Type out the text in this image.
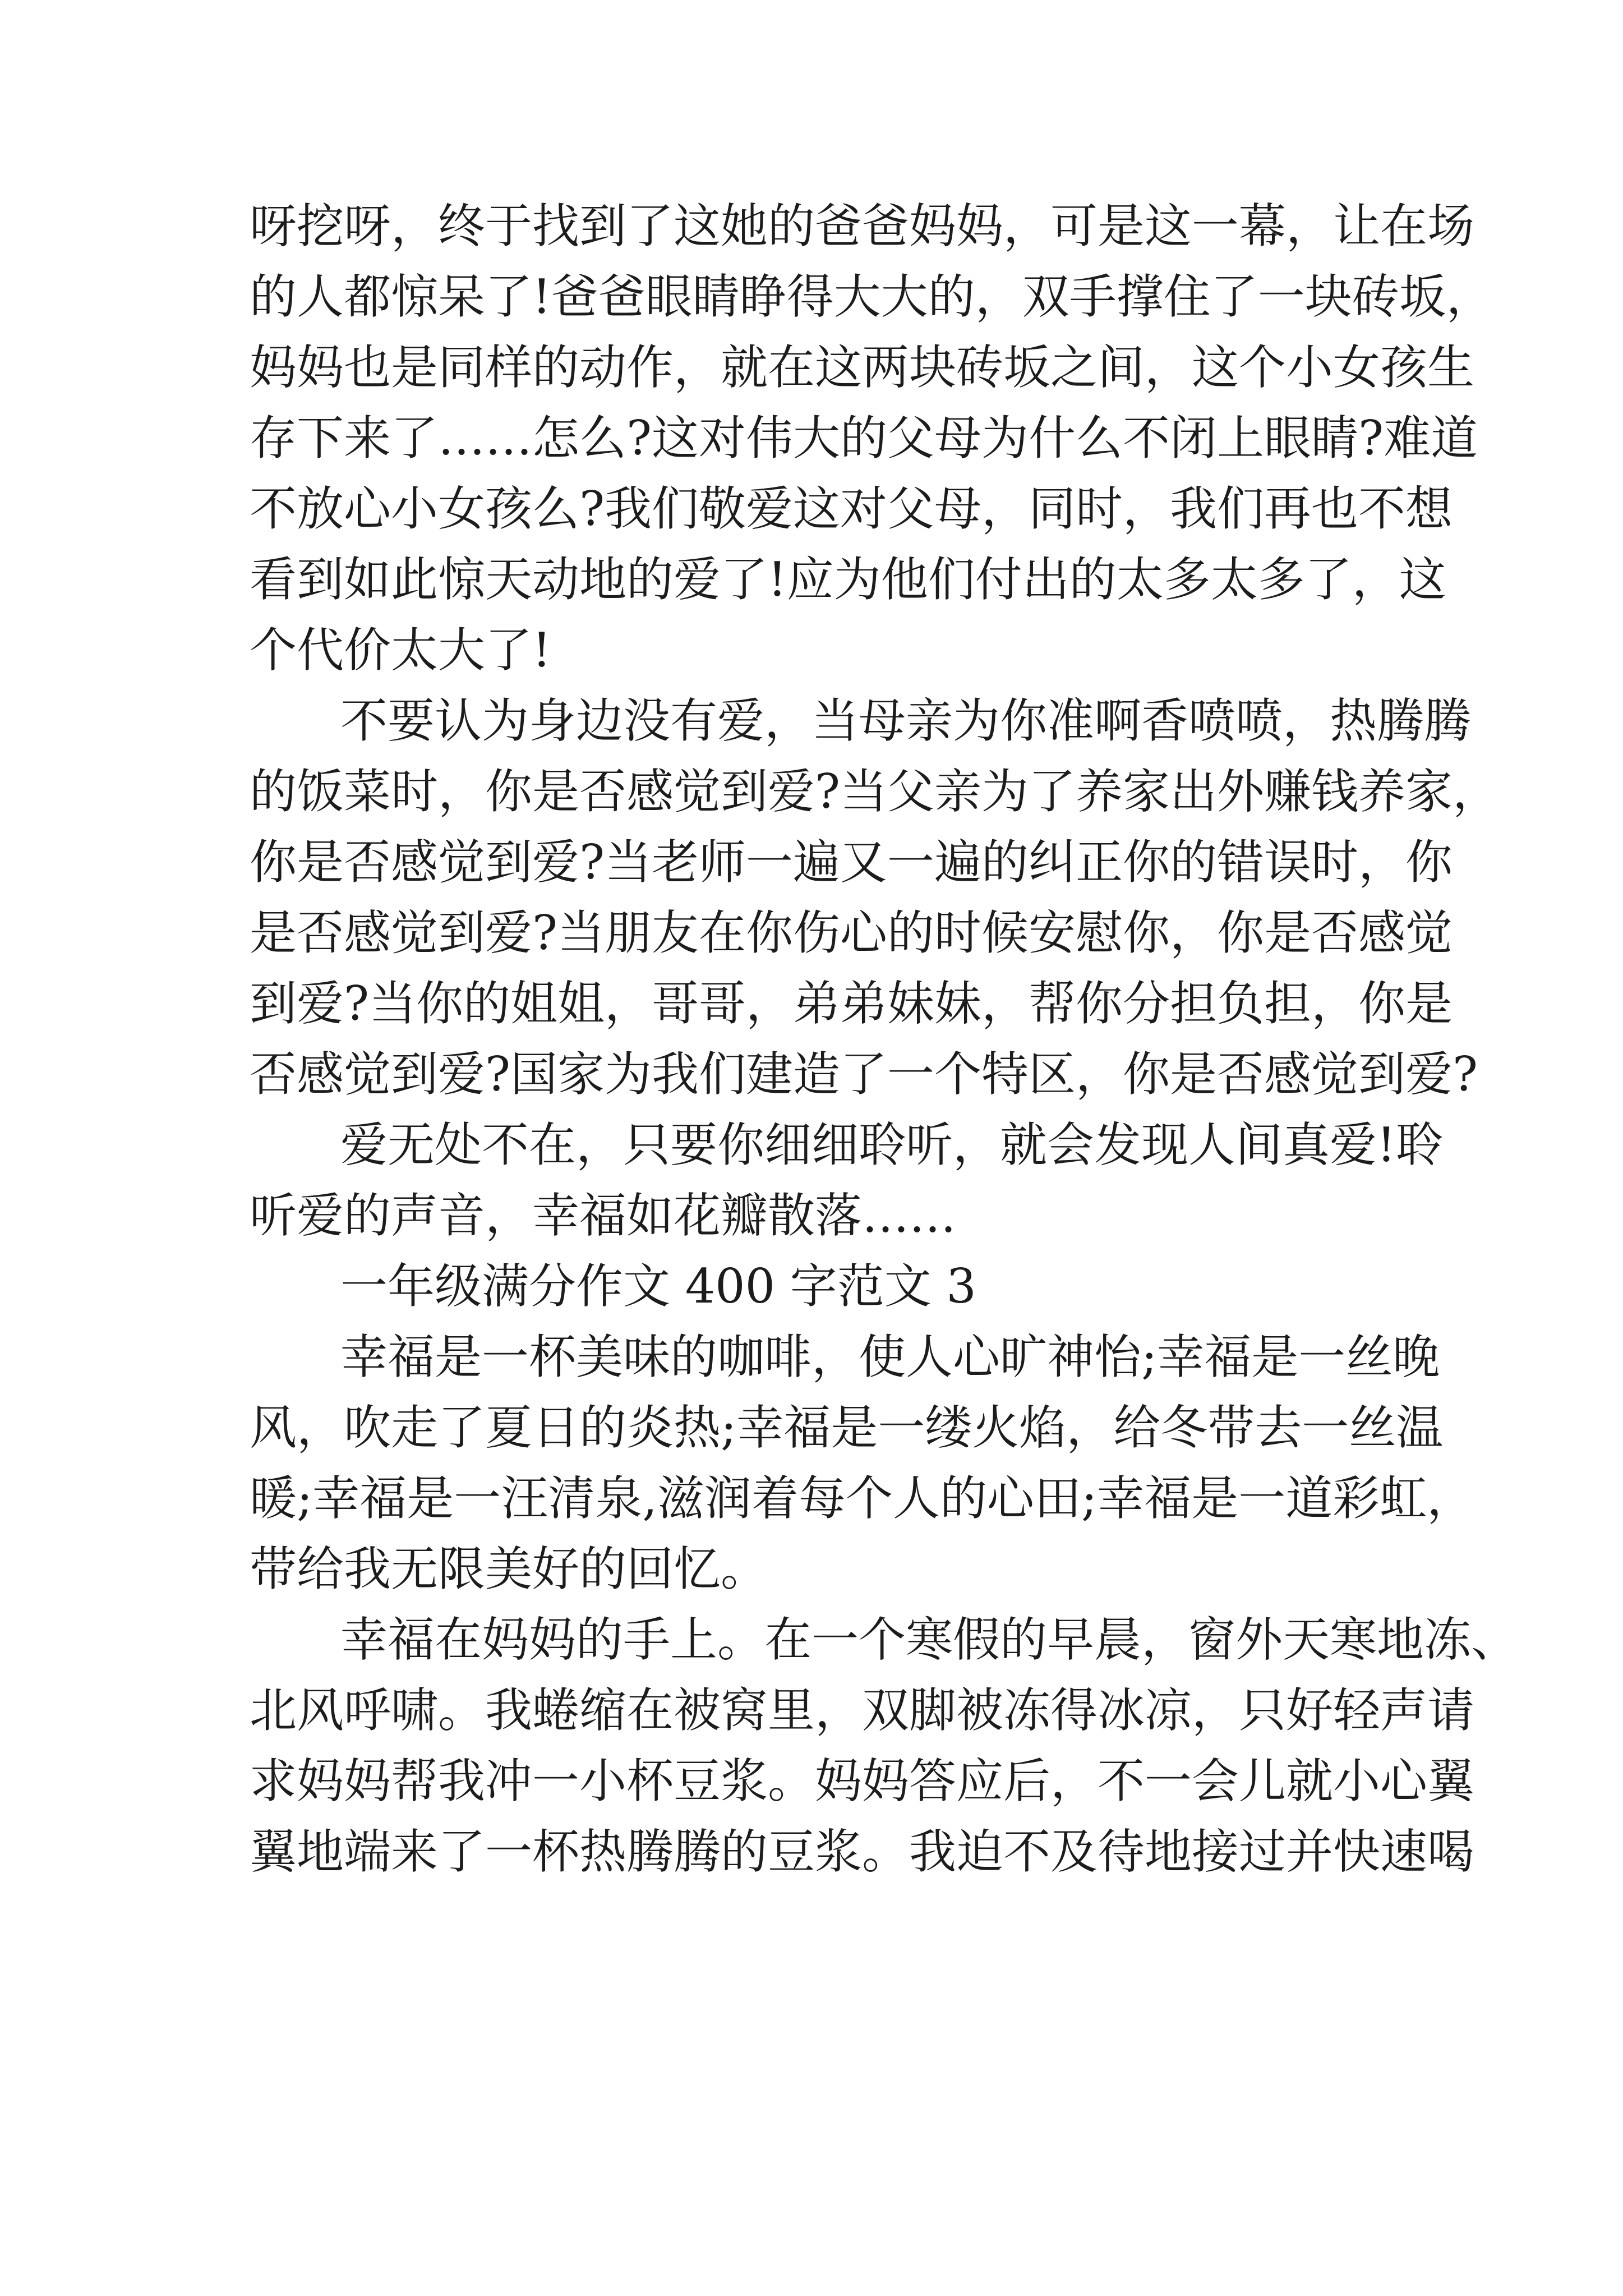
呀挖呀，终于找到了这她的爸爸妈妈，可是这一幕，让在场
的人都惊呆了!爸爸眼睛睁得大大的，双手撑住了一块砖坂，
妈妈也是同样的动作，就在这两块砖坂之间，这个小女孩生
存下来了……怎么?这对伟大的父母为什么不闭上眼睛?难道
不放心小女孩么?我们敬爱这对父母，同时，我们再也不想
看到如此惊天动地的爱了!应为他们付出的太多太多了，这
个代价太大了!
不要认为身边没有爱，当母亲为你准啊香喷喷，热腾腾
的饭菜时，你是否感觉到爱?当父亲为了养家出外赚钱养家，
你是否感觉到爱?当老师一遍又一遍的纠正你的错误时，你
是否感觉到爱?当朋友在你伤心的时候安慰你，你是否感觉
到爱?当你的姐姐，哥哥，弟弟妹妹，帮你分担负担，你是
否感觉到爱?国家为我们建造了一个特区，你是否感觉到爱?
爱无处不在，只要你细细聆听，就会发现人间真爱!聆
听爱的声音，幸福如花瓣散落……
一年级满分作文 400 字范文 3
幸福是一杯美味的咖啡，使人心旷神怡;幸福是一丝晚
风，吹走了夏日的炎热;幸福是一缕火焰，给冬带去一丝温
暖;幸福是一汪清泉,滋润着每个人的心田;幸福是一道彩虹，
带给我无限美好的回忆。
幸福在妈妈的手上。在一个寒假的早晨，窗外天寒地冻、
北风呼啸。我蜷缩在被窝里，双脚被冻得冰凉，只好轻声请
求妈妈帮我冲一小杯豆浆。妈妈答应后，不一会儿就小心翼
翼地端来了一杯热腾腾的豆浆。我迫不及待地接过并快速喝
